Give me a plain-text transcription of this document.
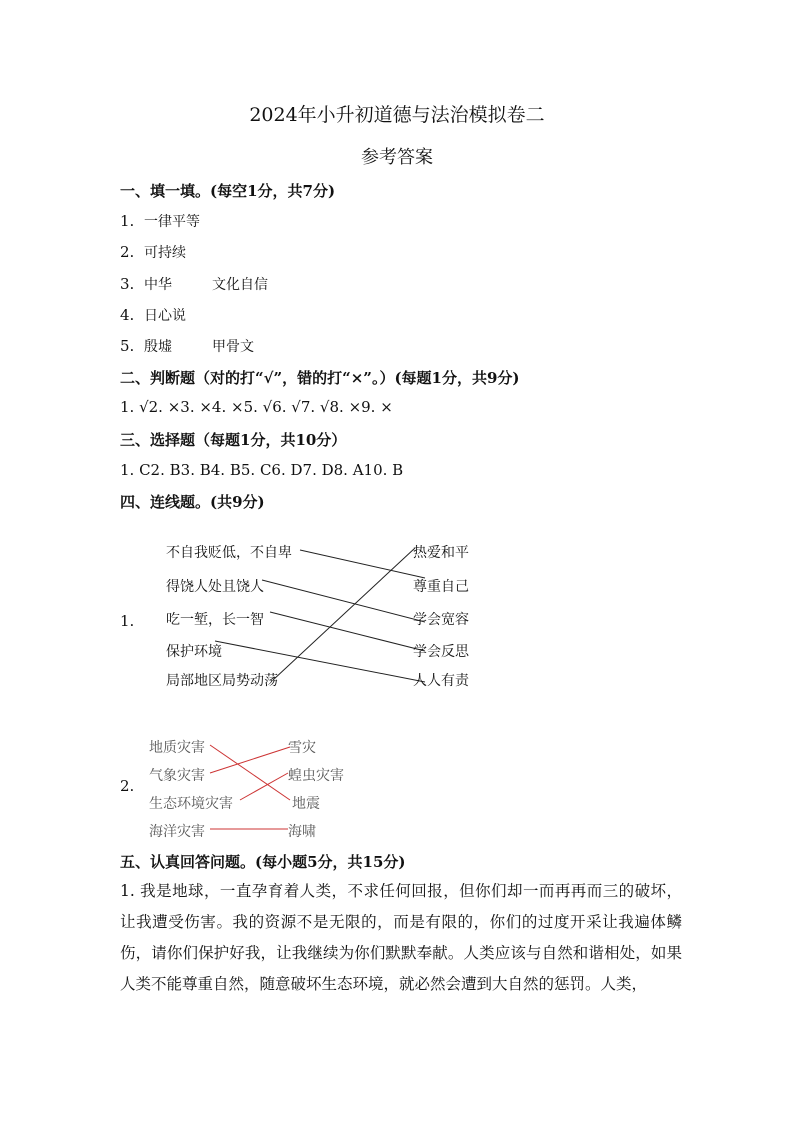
2024年小升初道德与法治模拟卷二
参考答案
一、填一填。(每空1分，共7分)
1. 一律平等
2. 可持续
3. 中华	文化自信
4. 日心说
5. 殷墟	甲骨文
二、判断题（对的打“√”，错的打“×”。）(每题1分，共9分)
1. √2. ×3. ×4. ×5. √6. √7. √8. ×9. ×
三、选择题（每题1分，共10分）
1. C2. B3. B4. B5. C6. D7. D8. A10. B
四、连线题。(共9分)
1.
不自我贬低，不自卑
得饶人处且饶人
吃一堑，长一智
保护环境
局部地区局势动荡
热爱和平
尊重自己
学会宽容
学会反思
人人有责
2.
地质灾害
气象灾害
生态环境灾害
海洋灾害
雪灾
蝗虫灾害
地震
海啸
五、认真回答问题。(每小题5分，共15分)
1. 我是地球，一直孕育着人类，不求任何回报，但你们却一而再再而三的破坏，让我遭受伤害。我的资源不是无限的，而是有限的，你们的过度开采让我遍体鳞伤，请你们保护好我，让我继续为你们默默奉献。人类应该与自然和谐相处，如果人类不能尊重自然，随意破坏生态环境，就必然会遭到大自然的惩罚。人类，
